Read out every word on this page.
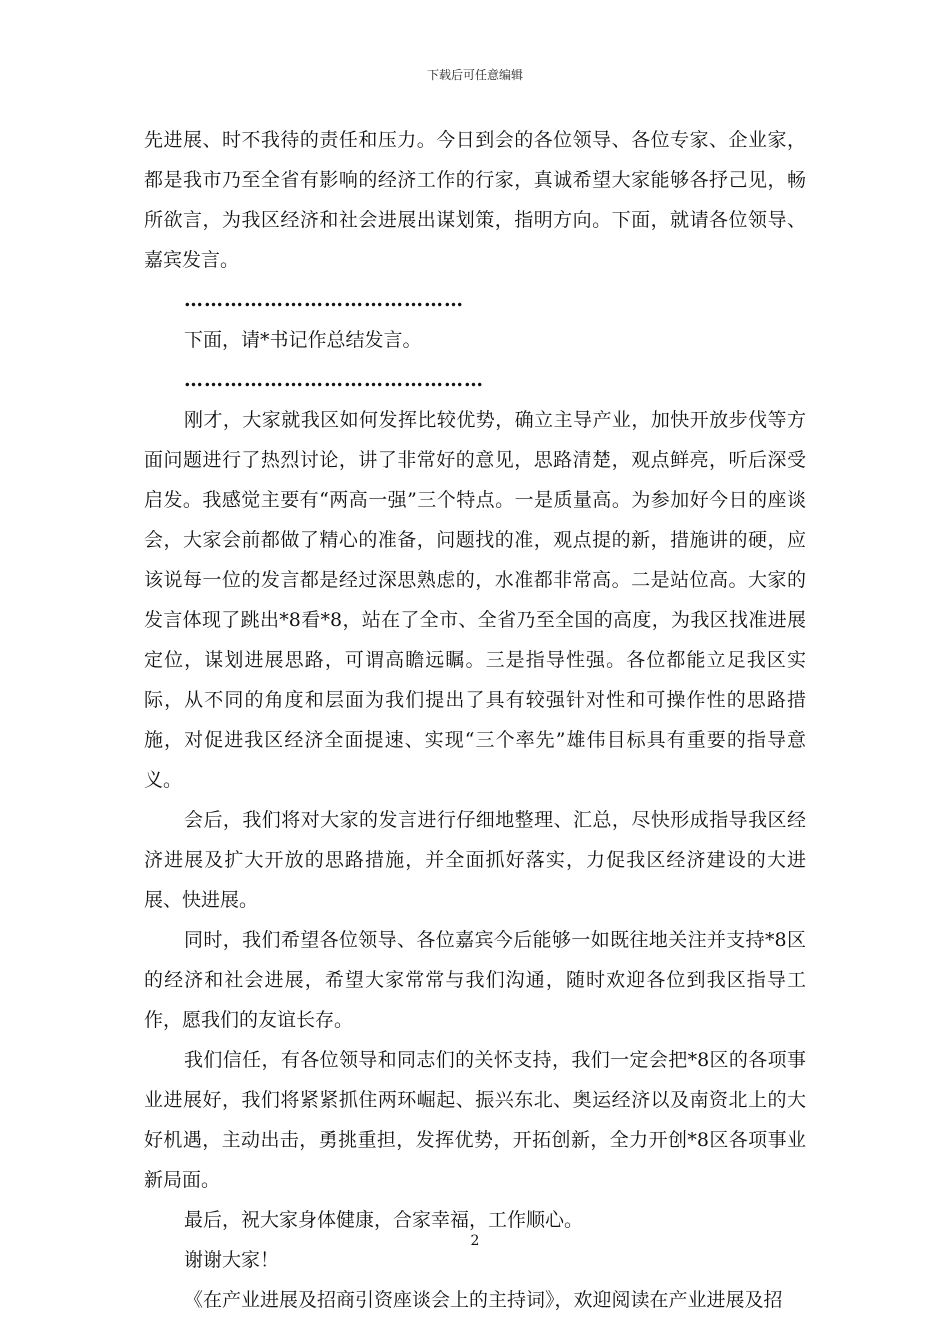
下载后可任意编辑

先进展、时不我待的责任和压力。今日到会的各位领导、各位专家、企业家，都是我市乃至全省有影响的经济工作的行家，真诚希望大家能够各抒己见，畅所欲言，为我区经济和社会进展出谋划策，指明方向。下面，就请各位领导、嘉宾发言。

……………………………………

下面，请*书记作总结发言。

………………………………………

刚才，大家就我区如何发挥比较优势，确立主导产业，加快开放步伐等方面问题进行了热烈讨论，讲了非常好的意见，思路清楚，观点鲜亮，听后深受启发。我感觉主要有“两高一强”三个特点。一是质量高。为参加好今日的座谈会，大家会前都做了精心的准备，问题找的准，观点提的新，措施讲的硬，应该说每一位的发言都是经过深思熟虑的，水准都非常高。二是站位高。大家的发言体现了跳出*8看*8，站在了全市、全省乃至全国的高度，为我区找准进展定位，谋划进展思路，可谓高瞻远瞩。三是指导性强。各位都能立足我区实际，从不同的角度和层面为我们提出了具有较强针对性和可操作性的思路措施，对促进我区经济全面提速、实现“三个率先”雄伟目标具有重要的指导意义。

会后，我们将对大家的发言进行仔细地整理、汇总，尽快形成指导我区经济进展及扩大开放的思路措施，并全面抓好落实，力促我区经济建设的大进展、快进展。

同时，我们希望各位领导、各位嘉宾今后能够一如既往地关注并支持*8区的经济和社会进展，希望大家常常与我们沟通，随时欢迎各位到我区指导工作，愿我们的友谊长存。

我们信任，有各位领导和同志们的关怀支持，我们一定会把*8区的各项事业进展好，我们将紧紧抓住两环崛起、振兴东北、奥运经济以及南资北上的大好机遇，主动出击，勇挑重担，发挥优势，开拓创新，全力开创*8区各项事业新局面。

最后，祝大家身体健康，合家幸福，工作顺心。

谢谢大家！

《在产业进展及招商引资座谈会上的主持词》，欢迎阅读在产业进展及招

2
